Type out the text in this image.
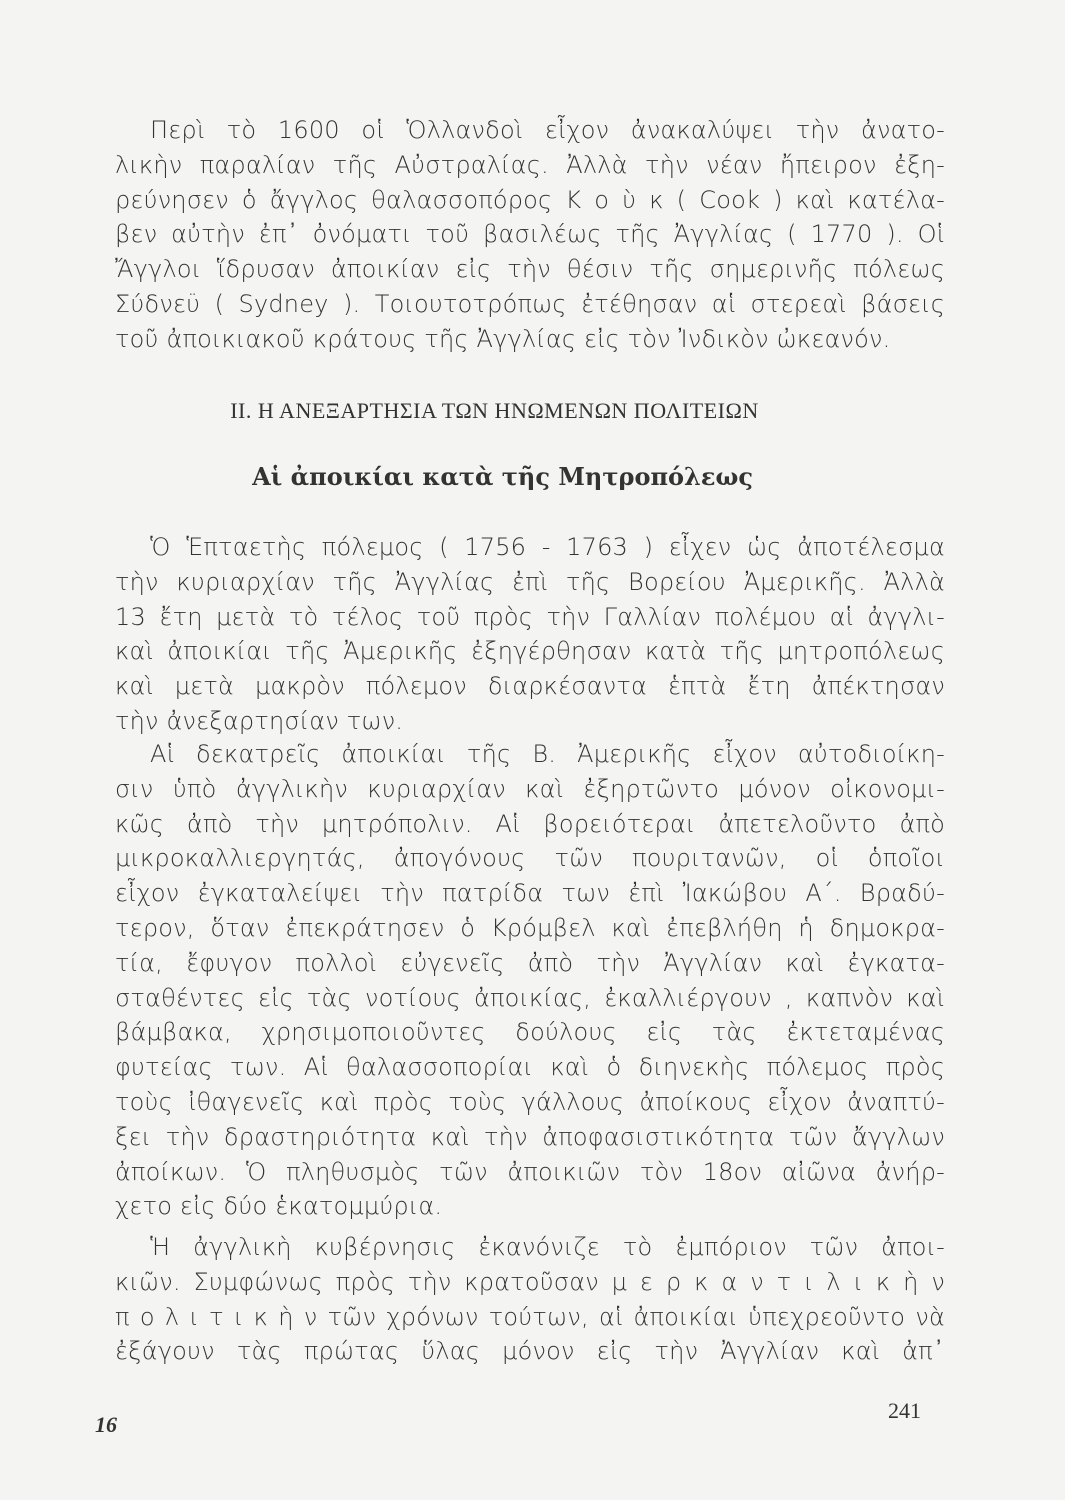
Περὶ τὸ 1600 οἱ Ὁλλανδοὶ εἶχον ἀνακαλύψει τὴν ἀνατο-
λικὴν παραλίαν τῆς Αὐστραλίας. Ἀλλὰ τὴν νέαν ἤπειρον ἐξη-
ρεύνησεν ὁ ἄγγλος θαλασσοπόρος Κ ο ὺ κ ( Cook ) καὶ κατέλα-
βεν αὐτὴν ἐπ᾽ ὀνόματι τοῦ βασιλέως τῆς Ἀγγλίας ( 1770 ). Οἱ
Ἄγγλοι ἵδρυσαν ἀποικίαν εἰς τὴν θέσιν τῆς σημερινῆς πόλεως
Σύδνεϋ ( Sydney ). Τοιουτοτρόπως ἐτέθησαν αἱ στερεαὶ βάσεις
τοῦ ἀποικιακοῦ κράτους τῆς Ἀγγλίας εἰς τὸν Ἰνδικὸν ὠκεανόν.
Ὁ Ἑπταετὴς πόλεμος ( 1756 - 1763 ) εἶχεν ὡς ἀποτέλεσμα
τὴν κυριαρχίαν τῆς Ἀγγλίας ἐπὶ τῆς Βορείου Ἀμερικῆς. Ἀλλὰ
13 ἔτη μετὰ τὸ τέλος τοῦ πρὸς τὴν Γαλλίαν πολέμου αἱ ἀγγλι-
καὶ ἀποικίαι τῆς Ἀμερικῆς ἐξηγέρθησαν κατὰ τῆς μητροπόλεως
καὶ μετὰ μακρὸν πόλεμον διαρκέσαντα ἑπτὰ ἔτη ἀπέκτησαν
τὴν ἀνεξαρτησίαν των.
Αἱ δεκατρεῖς ἀποικίαι τῆς Β. Ἀμερικῆς εἶχον αὐτοδιοίκη-
σιν ὑπὸ ἀγγλικὴν κυριαρχίαν καὶ ἐξηρτῶντο μόνον οἰκονομι-
κῶς ἀπὸ τὴν μητρόπολιν. Αἱ βορειότεραι ἀπετελοῦντο ἀπὸ
μικροκαλλιεργητάς, ἀπογόνους τῶν πουριτανῶν, οἱ ὁποῖοι
εἶχον ἐγκαταλείψει τὴν πατρίδα των ἐπὶ Ἰακώβου Α΄. Βραδύ-
τερον, ὅταν ἐπεκράτησεν ὁ Κρόμβελ καὶ ἐπεβλήθη ἡ δημοκρα-
τία, ἔφυγον πολλοὶ εὐγενεῖς ἀπὸ τὴν Ἀγγλίαν καὶ ἐγκατα-
σταθέντες εἰς τὰς νοτίους ἀποικίας, ἐκαλλιέργουν , καπνὸν καὶ
βάμβακα, χρησιμοποιοῦντες δούλους εἰς τὰς ἐκτεταμένας
φυτείας των. Αἱ θαλασσοπορίαι καὶ ὁ διηνεκὴς πόλεμος πρὸς
τοὺς ἰθαγενεῖς καὶ πρὸς τοὺς γάλλους ἀποίκους εἶχον ἀναπτύ-
ξει τὴν δραστηριότητα καὶ τὴν ἀποφασιστικότητα τῶν ἄγγλων
ἀποίκων. Ὁ πληθυσμὸς τῶν ἀποικιῶν τὸν 18ον αἰῶνα ἀνήρ-
χετο εἰς δύο ἑκατομμύρια.
Ἡ ἀγγλικὴ κυβέρνησις ἐκανόνιζε τὸ ἐμπόριον τῶν ἀποι-
κιῶν. Συμφώνως πρὸς τὴν κρατοῦσαν μ ε ρ κ α ν τ ι λ ι κ ὴ ν
π ο λ ι τ ι κ ὴ ν τῶν χρόνων τούτων, αἱ ἀποικίαι ὑπεχρεοῦντο νὰ
ἐξάγουν τὰς πρώτας ὕλας μόνον εἰς τὴν Ἀγγλίαν καὶ ἀπ᾽
II. Η ΑΝΕΞΑΡΤΗΣΙΑ ΤΩΝ ΗΝΩΜΕΝΩΝ ΠΟΛΙΤΕΙΩΝ
Αἱ ἀποικίαι κατὰ τῆς Μητροπόλεως
16
241
